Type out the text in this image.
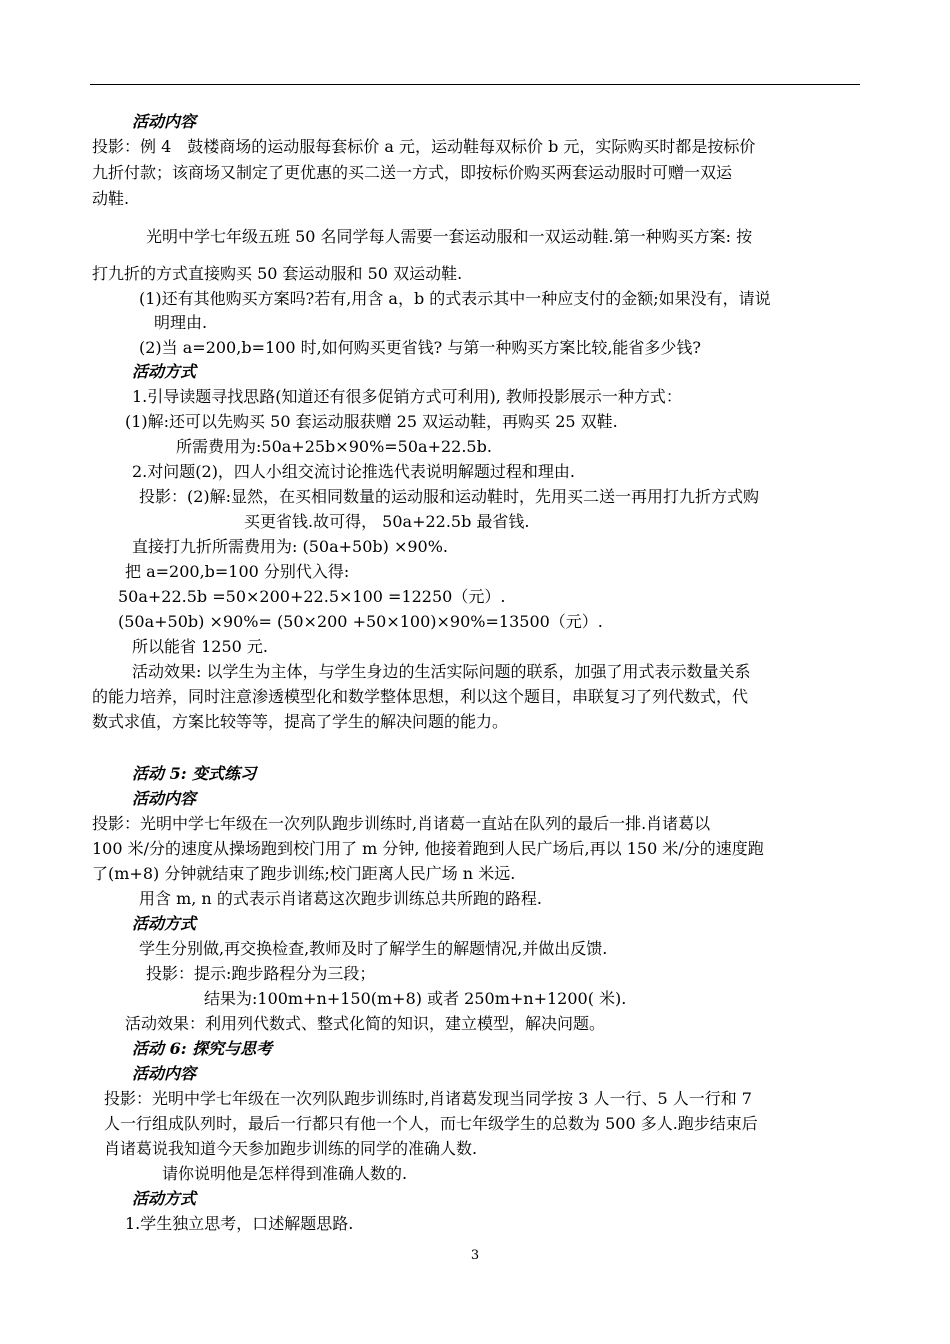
活动内容
投影：例 4　鼓楼商场的运动服每套标价 a 元，运动鞋每双标价 b 元，实际购买时都是按标价
九折付款；该商场又制定了更优惠的买二送一方式，即按标价购买两套运动服时可赠一双运
动鞋.
光明中学七年级五班 50 名同学每人需要一套运动服和一双运动鞋.第一种购买方案: 按
打九折的方式直接购买 50 套运动服和 50 双运动鞋.
(1)还有其他购买方案吗?若有,用含 a，b 的式表示其中一种应支付的金额;如果没有，请说
明理由.
(2)当 a=200,b=100 时,如何购买更省钱? 与第一种购买方案比较,能省多少钱?
活动方式
1.引导读题寻找思路(知道还有很多促销方式可利用), 教师投影展示一种方式：
(1)解:还可以先购买 50 套运动服获赠 25 双运动鞋，再购买 25 双鞋.
所需费用为:50a+25b×90%=50a+22.5b.
2.对问题(2)，四人小组交流讨论推选代表说明解题过程和理由.
投影：(2)解:显然，在买相同数量的运动服和运动鞋时，先用买二送一再用打九折方式购
买更省钱.故可得， 50a+22.5b 最省钱.
直接打九折所需费用为: (50a+50b) ×90%.
把 a=200,b=100 分别代入得:
50a+22.5b =50×200+22.5×100 =12250（元）.
(50a+50b) ×90%= (50×200 +50×100)×90%=13500（元）.
所以能省 1250 元.
活动效果: 以学生为主体，与学生身边的生活实际问题的联系，加强了用式表示数量关系
的能力培养，同时注意渗透模型化和数学整体思想，利以这个题目，串联复习了列代数式，代
数式求值，方案比较等等，提高了学生的解决问题的能力。
活动 5: 变式练习
活动内容
投影：光明中学七年级在一次列队跑步训练时,肖诸葛一直站在队列的最后一排.肖诸葛以
100 米/分的速度从操场跑到校门用了 m 分钟, 他接着跑到人民广场后,再以 150 米/分的速度跑
了(m+8) 分钟就结束了跑步训练;校门距离人民广场 n 米远.
用含 m, n 的式表示肖诸葛这次跑步训练总共所跑的路程.
活动方式
学生分别做,再交换检查,教师及时了解学生的解题情况,并做出反馈.
投影：提示:跑步路程分为三段；
结果为:100m+n+150(m+8) 或者 250m+n+1200( 米).
活动效果：利用列代数式、整式化简的知识，建立模型，解决问题。
活动 6: 探究与思考
活动内容
投影：光明中学七年级在一次列队跑步训练时,肖诸葛发现当同学按 3 人一行、5 人一行和 7
人一行组成队列时，最后一行都只有他一个人，而七年级学生的总数为 500 多人.跑步结束后
肖诸葛说我知道今天参加跑步训练的同学的准确人数.
请你说明他是怎样得到准确人数的.
活动方式
1.学生独立思考，口述解题思路.
3
